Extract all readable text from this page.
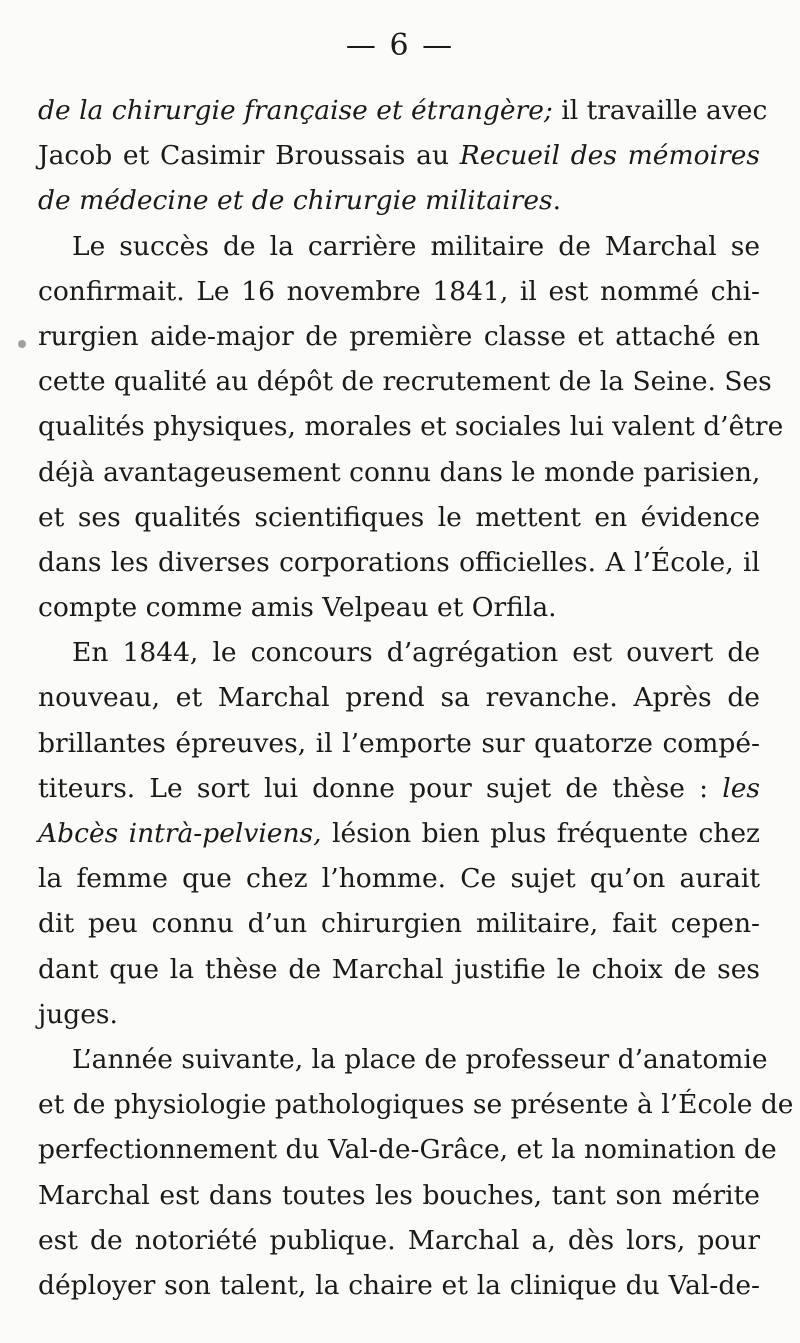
— 6 —
de la chirurgie française et étrangère; il travaille avec
Jacob et Casimir Broussais au Recueil des mémoires
de médecine et de chirurgie militaires.
Le succès de la carrière militaire de Marchal se
confirmait. Le 16 novembre 1841, il est nommé chi-
rurgien aide-major de première classe et attaché en
cette qualité au dépôt de recrutement de la Seine. Ses
qualités physiques, morales et sociales lui valent d’être
déjà avantageusement connu dans le monde parisien,
et ses qualités scientifiques le mettent en évidence
dans les diverses corporations officielles. A l’École, il
compte comme amis Velpeau et Orfila.
En 1844, le concours d’agrégation est ouvert de
nouveau, et Marchal prend sa revanche. Après de
brillantes épreuves, il l’emporte sur quatorze compé-
titeurs. Le sort lui donne pour sujet de thèse : les
Abcès intrà-pelviens, lésion bien plus fréquente chez
la femme que chez l’homme. Ce sujet qu’on aurait
dit peu connu d’un chirurgien militaire, fait cepen-
dant que la thèse de Marchal justifie le choix de ses
juges.
L’année suivante, la place de professeur d’anatomie
et de physiologie pathologiques se présente à l’École de
perfectionnement du Val-de-Grâce, et la nomination de
Marchal est dans toutes les bouches, tant son mérite
est de notoriété publique. Marchal a, dès lors, pour
déployer son talent, la chaire et la clinique du Val-de-
